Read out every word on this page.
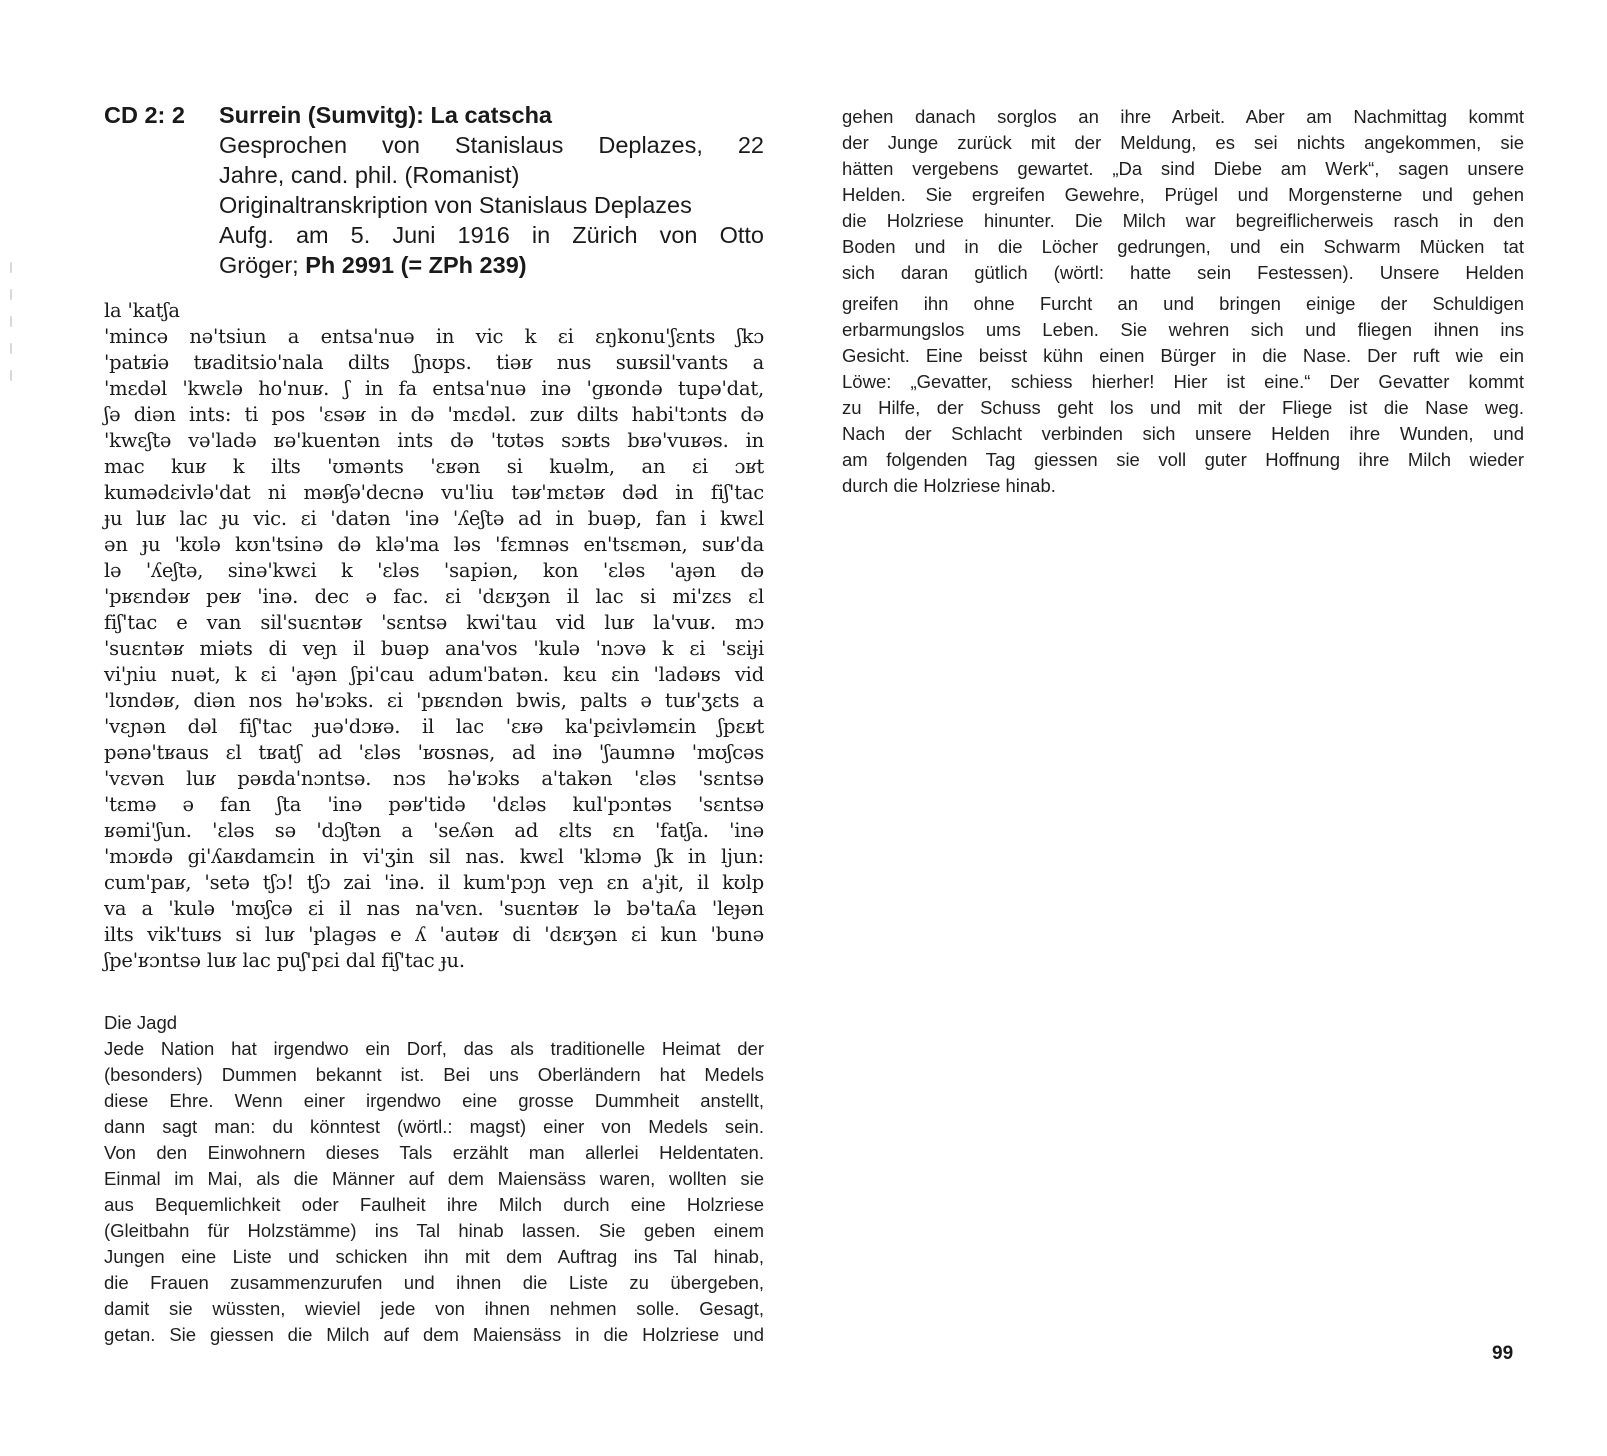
CD 2: 2	Surrein (Sumvitg): La catscha
Gesprochen von Stanislaus Deplazes, 22
Jahre, cand. phil. (Romanist)
Originaltranskription von Stanislaus Deplazes
Aufg. am 5. Juni 1916 in Zürich von Otto
Gröger; Ph 2991 (= ZPh 239)
la 'katʃa
'mincə nə'tsiun a entsa'nuə in vic k ɛi ɛŋkonu'ʃɛnts ʃkɔ
'patʁiə tʁaditsio'nala dilts ʃɲʊps. tiəʁ nus suʁsil'vants a
'mɛdəl 'kwɛlə ho'nuʁ. ʃ in fa entsa'nuə inə 'gʁondə tupə'dat,
ʃə diən ints: ti pos 'ɛsəʁ in də 'mɛdəl. zuʁ dilts habi'tɔnts də
'kwɛʃtə və'ladə ʁə'kuentən ints də 'tʊtəs sɔʁts bʁə'vuʁəs. in
mac kuʁ k ilts 'ʊmənts 'ɛʁən si kuəlm, an ɛi ɔʁt
kumədɛivlə'dat ni məʁʃə'decnə vu'liu təʁ'mɛtəʁ dəd in fiʃ'tac
ɟu luʁ lac ɟu vic. ɛi 'datən 'inə 'ʎeʃtə ad in buəp, fan i kwɛl
ən ɟu 'kʊlə kʊn'tsinə də klə'ma ləs 'fɛmnəs en'tsɛmən, suʁ'da
lə 'ʎeʃtə, sinə'kwɛi k 'ɛləs 'sapiən, kon 'ɛləs 'aɟən də
'pʁɛndəʁ peʁ 'inə. dec ə fac. ɛi 'dɛʁʒən il lac si mi'zɛs ɛl
fiʃ'tac e van sil'suɛntəʁ 'sɛntsə kwi'tau vid luʁ la'vuʁ. mɔ
'suɛntəʁ miəts di veɲ il buəp ana'vos 'kulə 'nɔvə k ɛi 'sɛiɟi
vi'ɲiu nuət, k ɛi 'aɟən ʃpi'cau adum'batən. kɛu ɛin 'ladəʁs vid
'lʊndəʁ, diən nos hə'ʁɔks. ɛi 'pʁɛndən bwis, palts ə tuʁ'ʒɛts a
'vɛɲən dəl fiʃ'tac ɟuə'dɔʁə. il lac 'ɛʁə ka'pɛivləmɛin ʃpɛʁt
pənə'tʁaus ɛl tʁatʃ ad 'ɛləs 'ʁʊsnəs, ad inə 'ʃaumnə 'mʊʃcəs
'vɛvən luʁ pəʁda'nɔntsə. nɔs hə'ʁɔks a'takən 'ɛləs 'sɛntsə
'tɛmə ə fan ʃta 'inə pəʁ'tidə 'dɛləs kul'pɔntəs 'sɛntsə
ʁəmi'ʃun. 'ɛləs sə 'dɔʃtən a 'seʎən ad ɛlts ɛn 'fatʃa. 'inə
'mɔʁdə gi'ʎaʁdamɛin in vi'ʒin sil nas. kwɛl 'klɔmə ʃk in ljun:
cum'paʁ, 'setə tʃɔ! tʃɔ zai 'inə. il kum'pɔɲ veɲ ɛn a'ɟit, il kʊlp
va a 'kulə 'mʊʃcə ɛi il nas na'vɛn. 'suɛntəʁ lə bə'taʎa 'leɟən
ilts vik'tuʁs si luʁ 'plagəs e ʎ 'autəʁ di 'dɛʁʒən ɛi kun 'bunə
ʃpe'ʁɔntsə luʁ lac puʃ'pɛi dal fiʃ'tac ɟu.
Die Jagd
Jede Nation hat irgendwo ein Dorf, das als traditionelle Heimat der
(besonders) Dummen bekannt ist. Bei uns Oberländern hat Medels
diese Ehre. Wenn einer irgendwo eine grosse Dummheit anstellt,
dann sagt man: du könntest (wörtl.: magst) einer von Medels sein.
Von den Einwohnern dieses Tals erzählt man allerlei Heldentaten.
Einmal im Mai, als die Männer auf dem Maiensäss waren, wollten sie
aus Bequemlichkeit oder Faulheit ihre Milch durch eine Holzriese
(Gleitbahn für Holzstämme) ins Tal hinab lassen. Sie geben einem
Jungen eine Liste und schicken ihn mit dem Auftrag ins Tal hinab,
die Frauen zusammenzurufen und ihnen die Liste zu übergeben,
damit sie wüssten, wieviel jede von ihnen nehmen solle. Gesagt,
getan. Sie giessen die Milch auf dem Maiensäss in die Holzriese und
gehen danach sorglos an ihre Arbeit. Aber am Nachmittag kommt
der Junge zurück mit der Meldung, es sei nichts angekommen, sie
hätten vergebens gewartet. „Da sind Diebe am Werk“, sagen unsere
Helden. Sie ergreifen Gewehre, Prügel und Morgensterne und gehen
die Holzriese hinunter. Die Milch war begreiflicherweis rasch in den
Boden und in die Löcher gedrungen, und ein Schwarm Mücken tat
sich daran gütlich (wörtl: hatte sein Festessen). Unsere Helden
greifen ihn ohne Furcht an und bringen einige der Schuldigen
erbarmungslos ums Leben. Sie wehren sich und fliegen ihnen ins
Gesicht. Eine beisst kühn einen Bürger in die Nase. Der ruft wie ein
Löwe: „Gevatter, schiess hierher! Hier ist eine.“ Der Gevatter kommt
zu Hilfe, der Schuss geht los und mit der Fliege ist die Nase weg.
Nach der Schlacht verbinden sich unsere Helden ihre Wunden, und
am folgenden Tag giessen sie voll guter Hoffnung ihre Milch wieder
durch die Holzriese hinab.
99
